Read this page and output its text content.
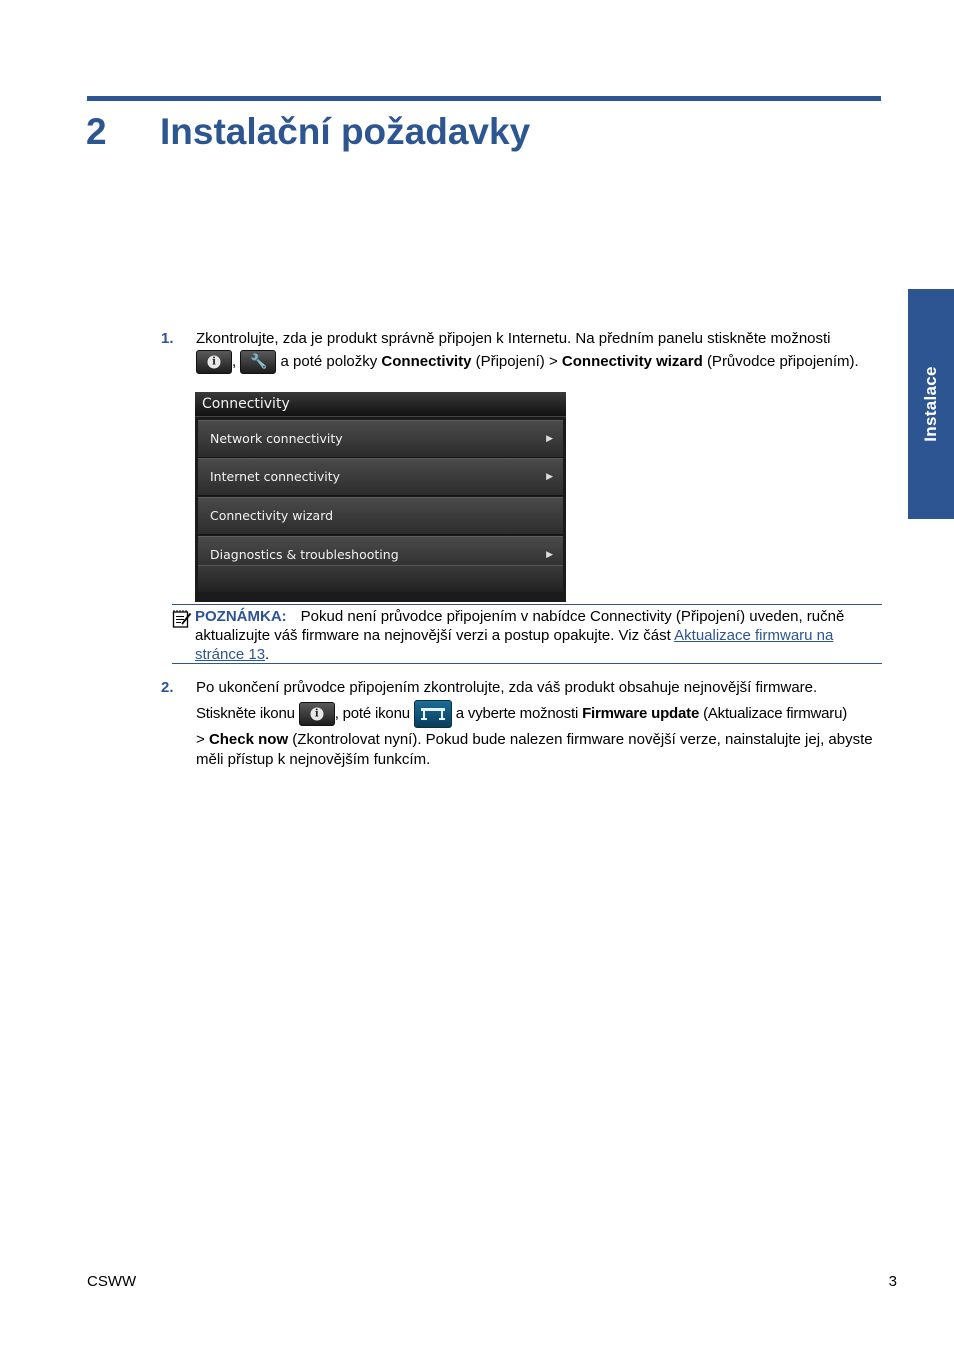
2 Instalační požadavky
Instalace
1. Zkontrolujte, zda je produkt správně připojen k Internetu. Na předním panelu stiskněte možnosti
i	, 🔧 a poté položky Connectivity (Připojení) > Connectivity wizard (Průvodce připojením).
Connectivity
Network connectivity	▶
Internet connectivity	▶
Connectivity wizard
Diagnostics & troubleshooting	▶
POZNÁMKA: Pokud není průvodce připojením v nabídce Connectivity (Připojení) uveden, ručně aktualizujte váš firmware na nejnovější verzi a postup opakujte. Viz část Aktualizace firmwaru na stránce 13.
2. Po ukončení průvodce připojením zkontrolujte, zda váš produkt obsahuje nejnovější firmware.
Stiskněte ikonu	i	, poté ikonu	a vyberte možnosti Firmware update (Aktualizace firmwaru)
> Check now (Zkontrolovat nyní). Pokud bude nalezen firmware novější verze, nainstalujte jej, abyste měli přístup k nejnovějším funkcím.
CSWW	3
